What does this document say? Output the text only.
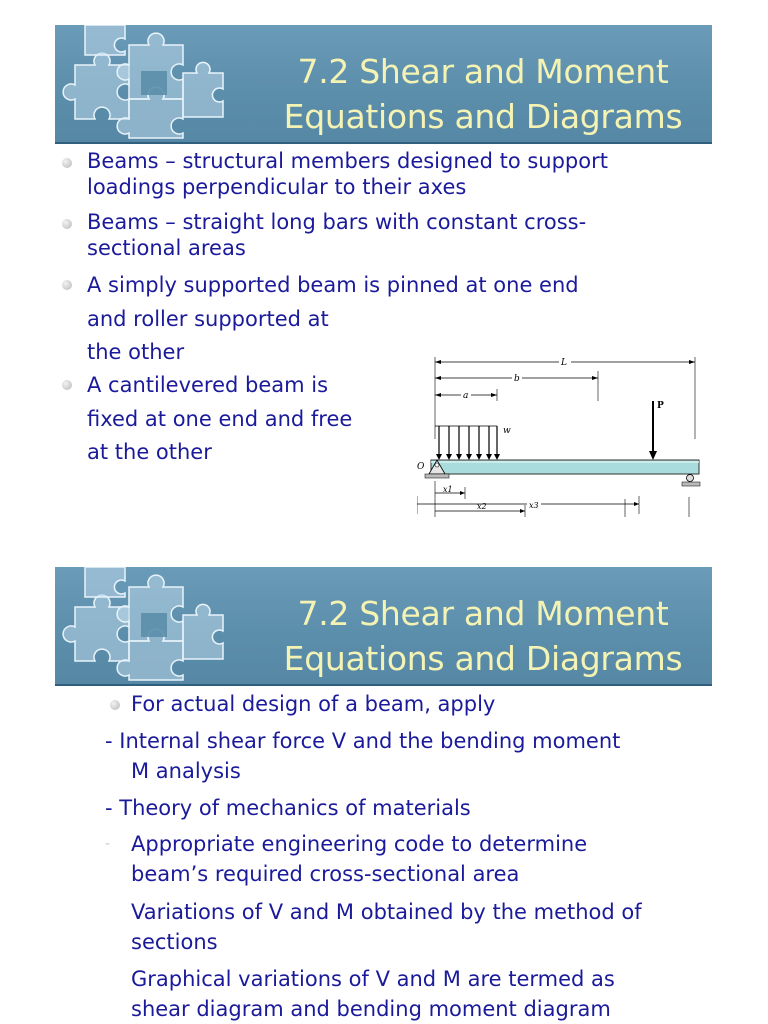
7.2 Shear and Moment
Equations and Diagrams
Beams – structural members designed to support
loadings perpendicular to their axes
Beams – straight long bars with constant cross-
sectional areas
A simply supported beam is pinned at one end
and roller supported at
the other
A cantilevered beam is
fixed at one end and free
at the other
L
b
a
w
P
O
x1
x2	x3
7.2 Shear and Moment
Equations and Diagrams
For actual design of a beam, apply
- Internal shear force V and the bending moment
M analysis
- Theory of mechanics of materials
- Appropriate engineering code to determine
beam’s required cross-sectional area
Variations of V and M obtained by the method of
sections
Graphical variations of V and M are termed as
shear diagram and bending moment diagram
